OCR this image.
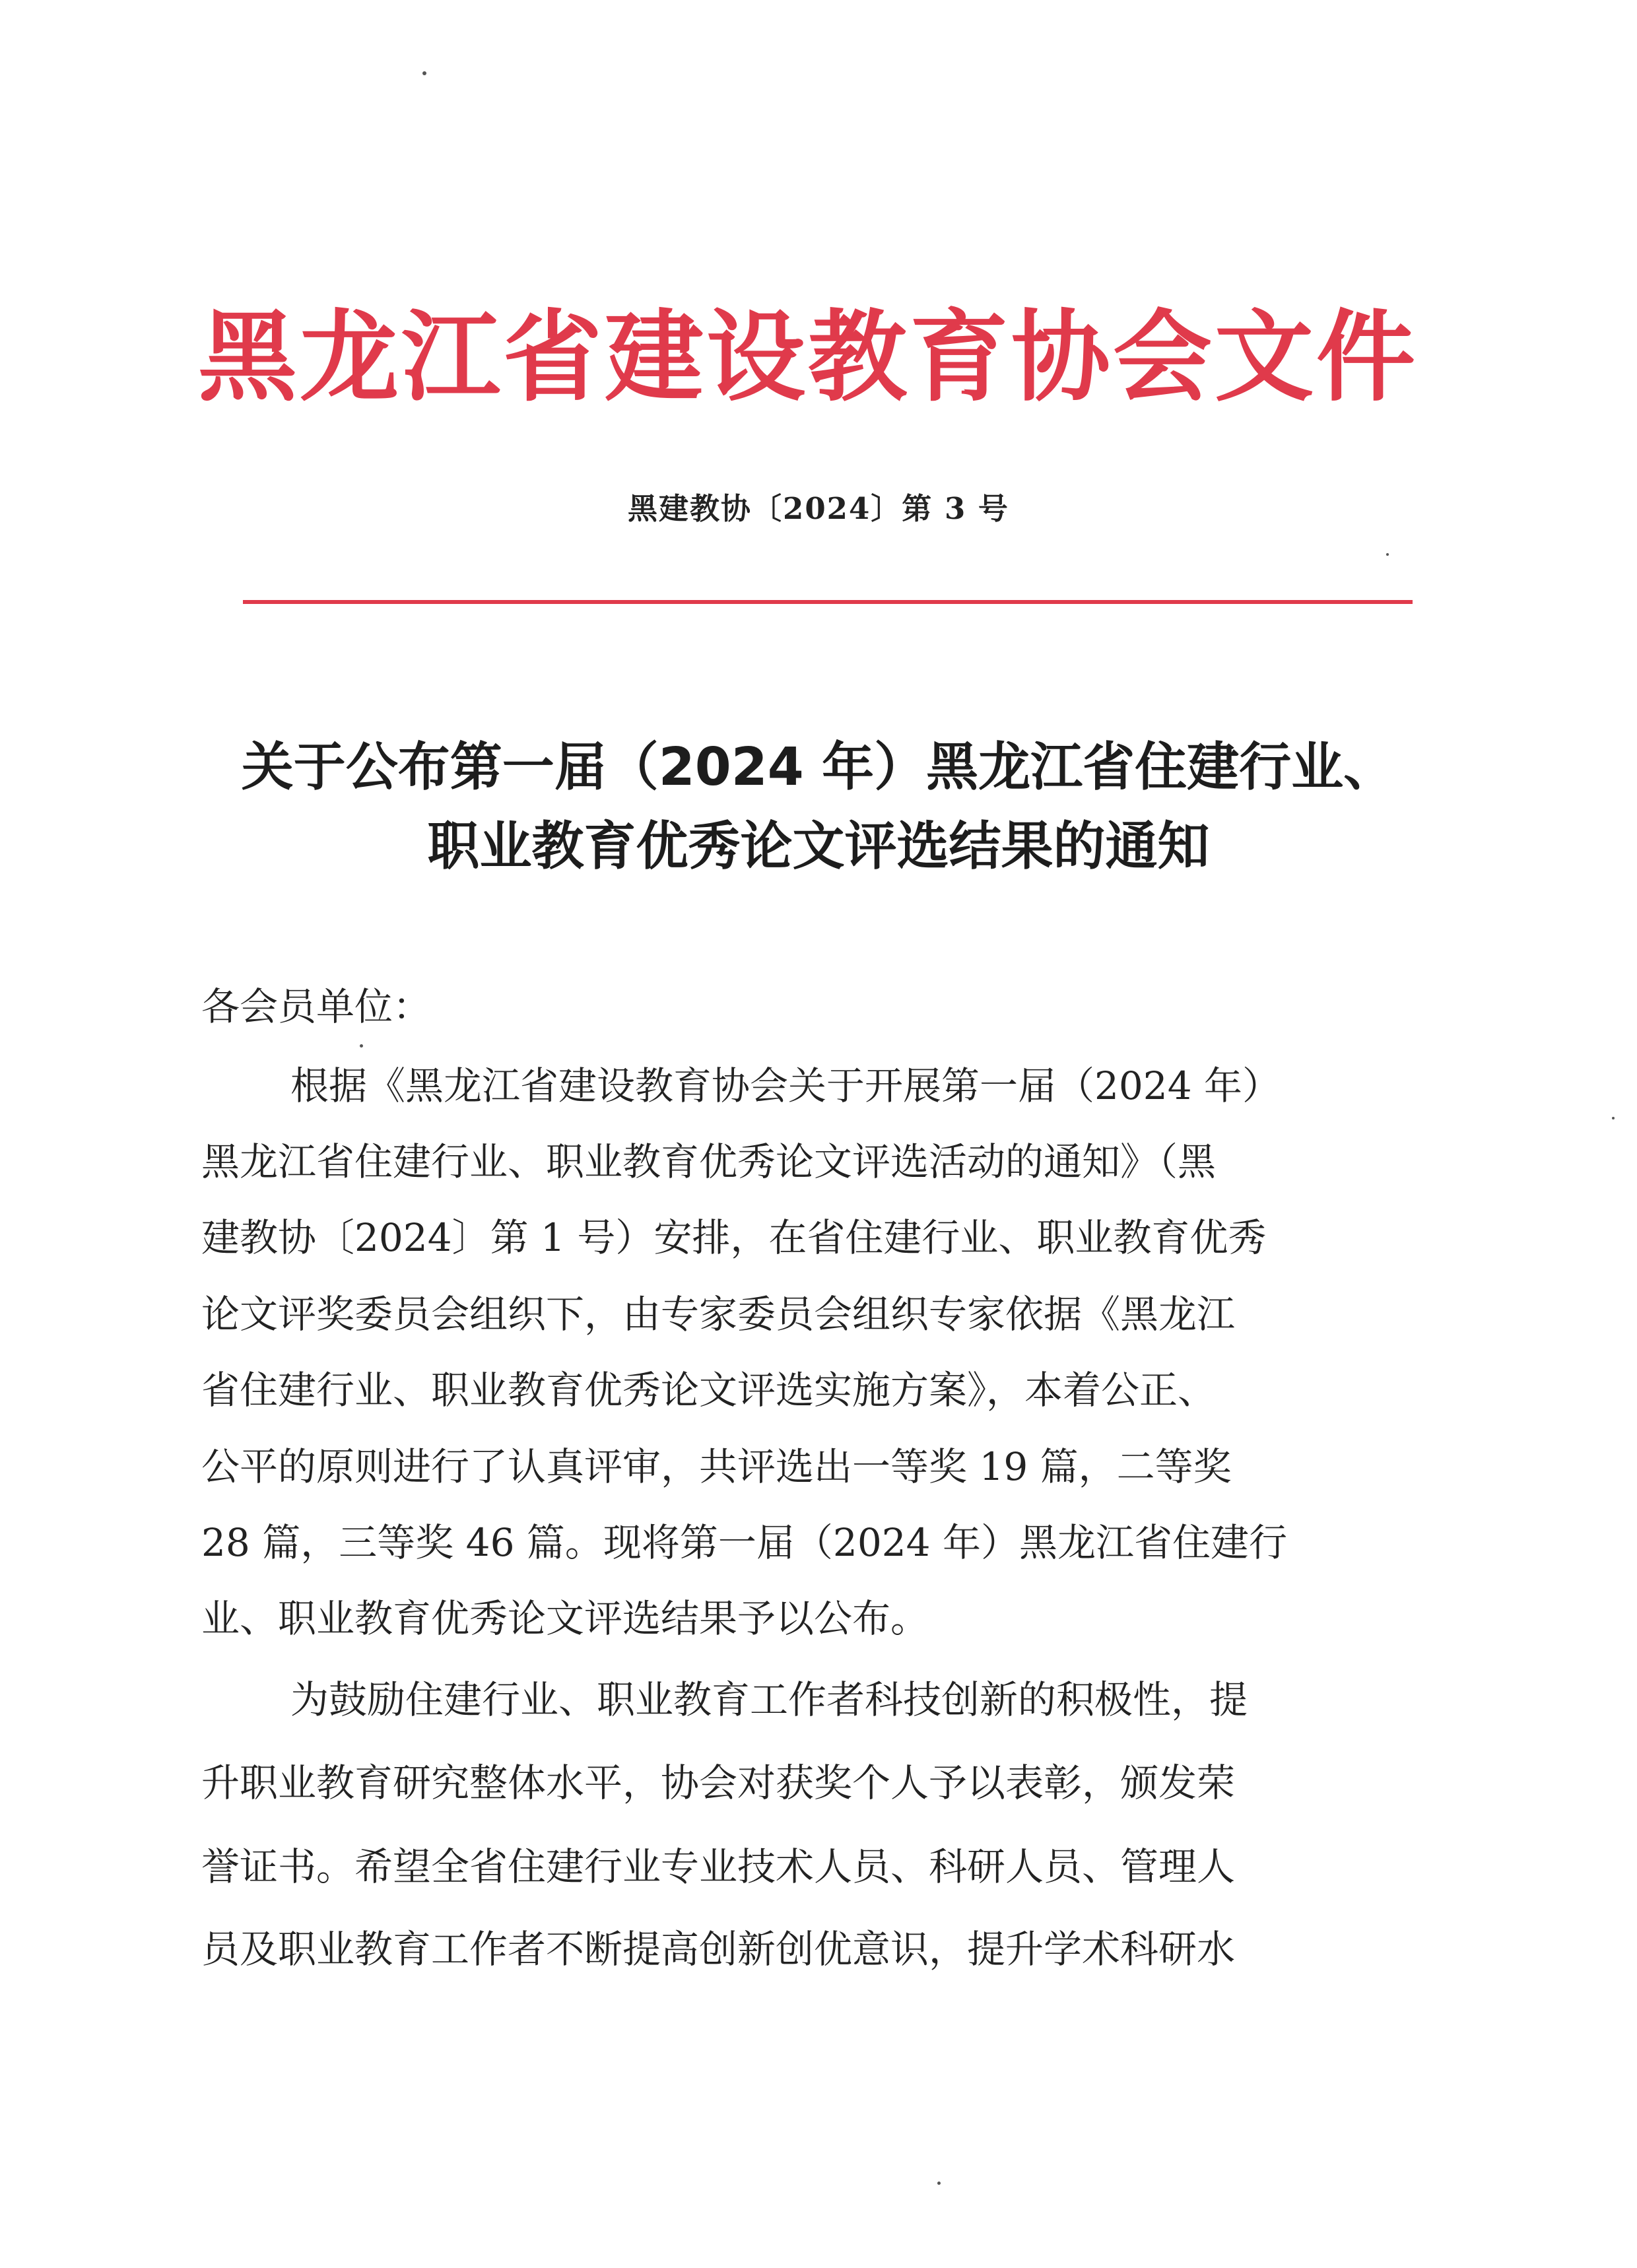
黑龙江省建设教育协会文件
黑建教协〔2024〕第 3 号
关于公布第一届（2024 年）黑龙江省住建行业、
职业教育优秀论文评选结果的通知
各会员单位：
根据《黑龙江省建设教育协会关于开展第一届（2024 年）
黑龙江省住建行业、职业教育优秀论文评选活动的通知》（黑
建教协〔2024〕第 1 号）安排，在省住建行业、职业教育优秀
论文评奖委员会组织下，由专家委员会组织专家依据《黑龙江
省住建行业、职业教育优秀论文评选实施方案》，本着公正、
公平的原则进行了认真评审，共评选出一等奖 19 篇，二等奖
28 篇，三等奖 46 篇。现将第一届（2024 年）黑龙江省住建行
业、职业教育优秀论文评选结果予以公布。
为鼓励住建行业、职业教育工作者科技创新的积极性，提
升职业教育研究整体水平，协会对获奖个人予以表彰，颁发荣
誉证书。希望全省住建行业专业技术人员、科研人员、管理人
员及职业教育工作者不断提高创新创优意识，提升学术科研水
